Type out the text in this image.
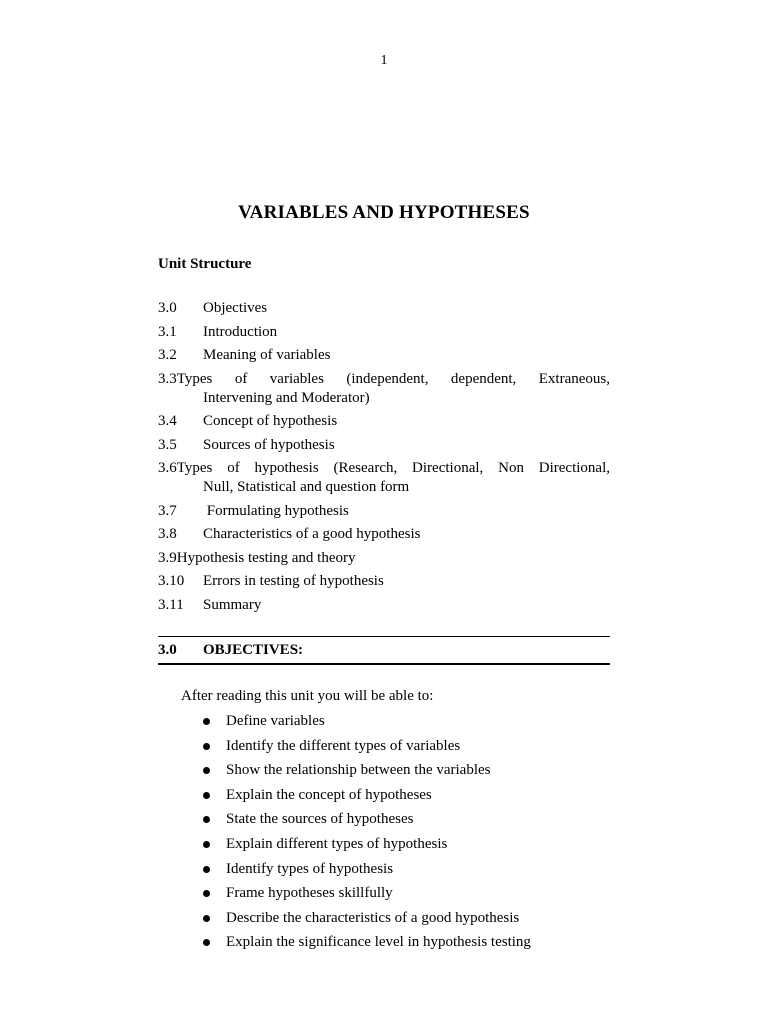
1
VARIABLES AND HYPOTHESES
Unit Structure
3.0 Objectives
3.1 Introduction
3.2 Meaning of variables
3.3Types of variables (independent, dependent, Extraneous,
Intervening and Moderator)
3.4 Concept of hypothesis
3.5 Sources of hypothesis
3.6Types of hypothesis (Research, Directional, Non Directional,
Null, Statistical and question form
3.7 Formulating hypothesis
3.8 Characteristics of a good hypothesis
3.9Hypothesis testing and theory
3.10 Errors in testing of hypothesis
3.11 Summary
3.0 OBJECTIVES:

After reading this unit you will be able to:

Define variables
Identify the different types of variables
Show the relationship between the variables
Explain the concept of hypotheses
State the sources of hypotheses
Explain different types of hypothesis
Identify types of hypothesis
Frame hypotheses skillfully
Describe the characteristics of a good hypothesis
Explain the significance level in hypothesis testing
